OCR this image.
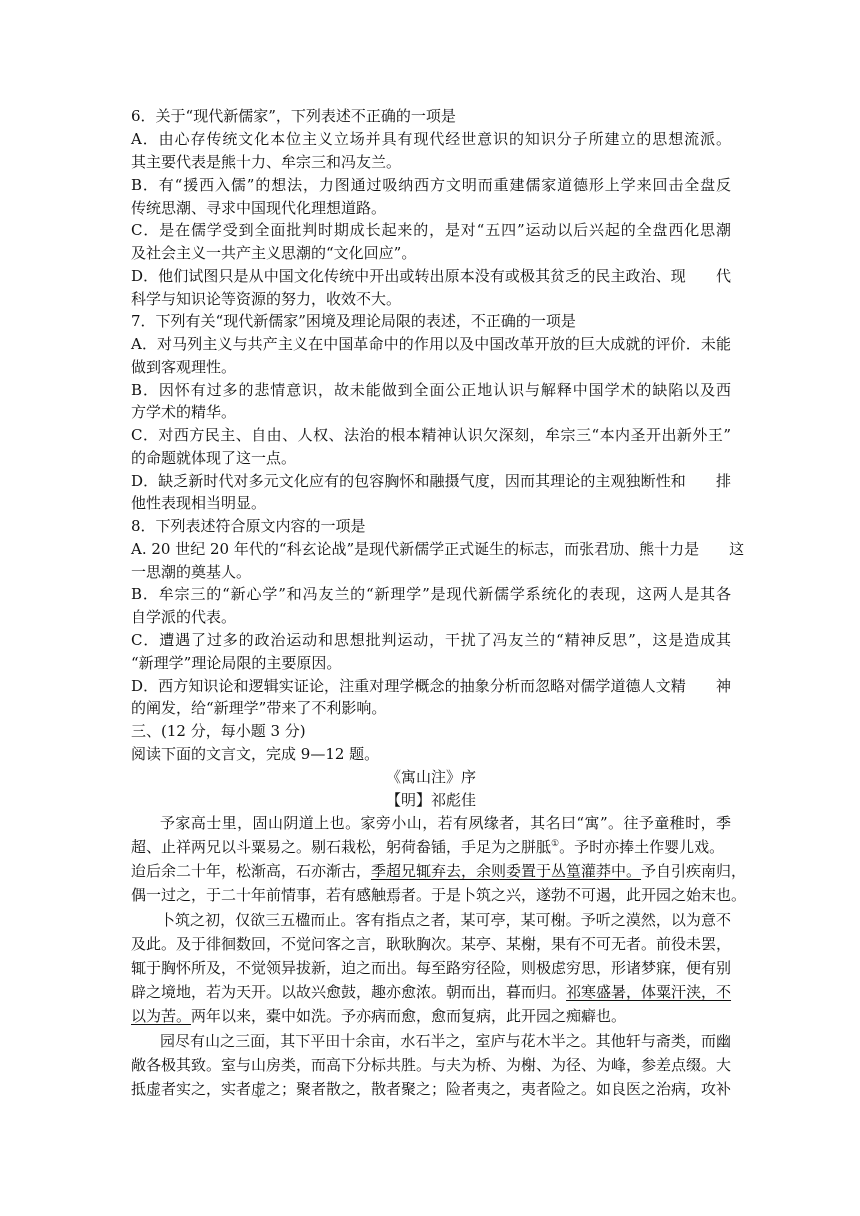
6．关于“现代新儒家”，下列表述不正确的一项是
A．由心存传统文化本位主义立场并具有现代经世意识的知识分子所建立的思想流派。
其主要代表是熊十力、牟宗三和冯友兰。
B．有“援西入儒”的想法，力图通过吸纳西方文明而重建儒家道德形上学来回击全盘反
传统思潮、寻求中国现代化理想道路。
C．是在儒学受到全面批判时期成长起来的，是对“五四”运动以后兴起的全盘西化思潮
及社会主义一共产主义思潮的“文化回应”。
D．他们试图只是从中国文化传统中开出或转出原本没有或极其贫乏的民主政治、现　　代
科学与知识论等资源的努力，收效不大。
7．下列有关“现代新儒家”困境及理论局限的表述，不正确的一项是
A．对马列主义与共产主义在中国革命中的作用以及中国改革开放的巨大成就的评价．未能
做到客观理性。
B．因怀有过多的悲情意识，故未能做到全面公正地认识与解释中国学术的缺陷以及西
方学术的精华。
C．对西方民主、自由、人权、法治的根本精神认识欠深刻，牟宗三“本内圣开出新外王”
的命题就体现了这一点。
D．缺乏新时代对多元文化应有的包容胸怀和融摄气度，因而其理论的主观独断性和　　排
他性表现相当明显。
8．下列表述符合原文内容的一项是
A. 20 世纪 20 年代的“科玄论战”是现代新儒学正式诞生的标志，而张君劢、熊十力是　　这
一思潮的奠基人。
B．牟宗三的“新心学”和冯友兰的“新理学”是现代新儒学系统化的表现，这两人是其各
自学派的代表。
C．遭遇了过多的政治运动和思想批判运动，干扰了冯友兰的“精神反思”，这是造成其
“新理学”理论局限的主要原因。
D．西方知识论和逻辑实证论，注重对理学概念的抽象分析而忽略对儒学道德人文精　　神
的阐发，给“新理学”带来了不利影响。
三、(12 分，每小题 3 分)
阅读下面的文言文，完成 9—12 题。
《寓山注》序
【明】祁彪佳
予家高士里，固山阴道上也。家旁小山，若有夙缘者，其名曰“寓”。往予童稚时，季
超、止祥两兄以斗粟易之。剔石栽松，躬荷畚锸，手足为之胼胝①。予时亦捧土作婴儿戏。
迨后余二十年，松渐高，石亦渐古，季超兄辄弃去，余则委置于丛篁灌莽中。予自引疾南归，
偶一过之，于二十年前情事，若有感触焉者。于是卜筑之兴，遂勃不可遏，此开园之始末也。
卜筑之初，仅欲三五楹而止。客有指点之者，某可亭，某可榭。予听之漠然，以为意不
及此。及于徘徊数回，不觉问客之言，耿耿胸次。某亭、某榭，果有不可无者。前役未罢，
辄于胸怀所及，不觉领异拔新，迫之而出。每至路穷径险，则极虑穷思，形诸梦寐，便有别
辟之境地，若为天开。以故兴愈鼓，趣亦愈浓。朝而出，暮而归。祁寒盛暑，体粟汗浃，不
以为苦。两年以来，橐中如洗。予亦病而愈，愈而复病，此开园之痴癖也。
园尽有山之三面，其下平田十余亩，水石半之，室庐与花木半之。其他轩与斋类，而幽
敞各极其致。室与山房类，而高下分标共胜。与夫为桥、为榭、为径、为峰，参差点缀。大
抵虚者实之，实者虚之；聚者散之，散者聚之；险者夷之，夷者险之。如良医之治病，攻补
